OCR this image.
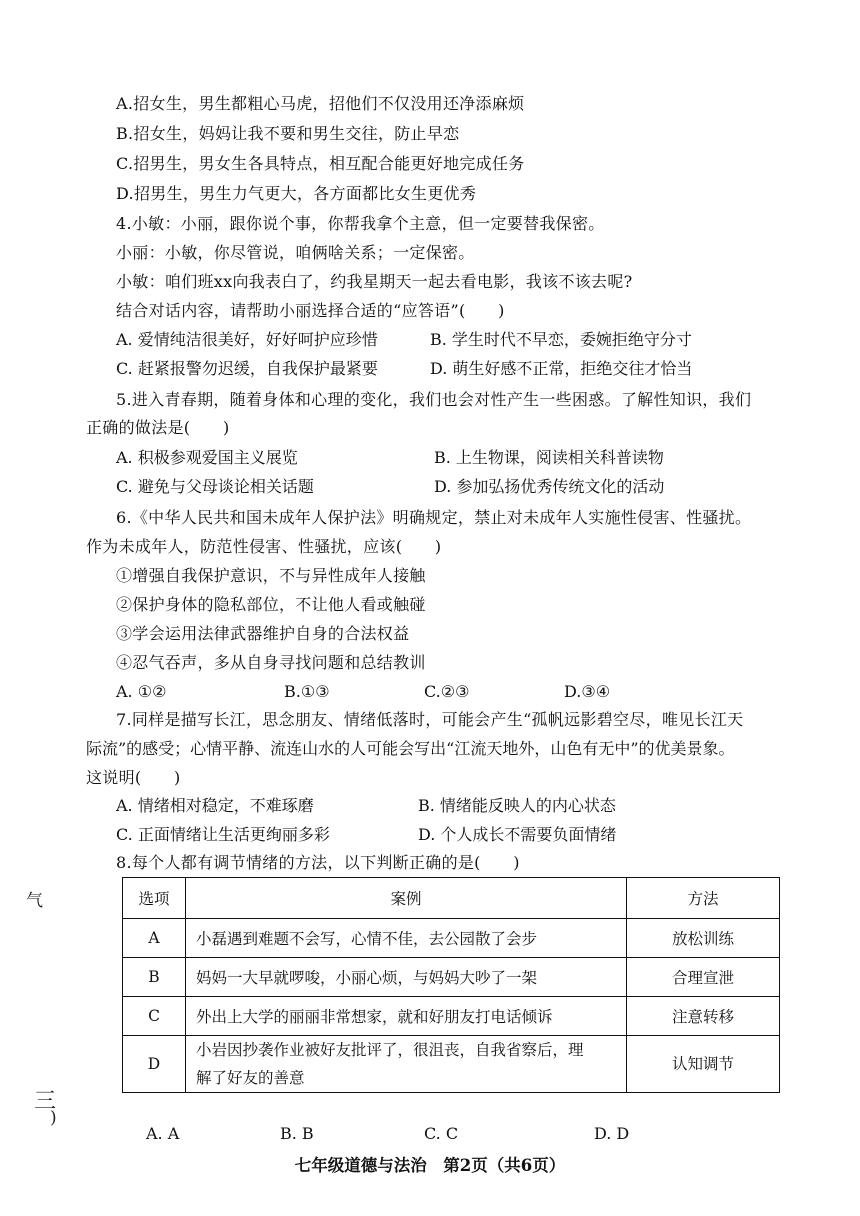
A.招女生，男生都粗心马虎，招他们不仅没用还净添麻烦
B.招女生，妈妈让我不要和男生交往，防止早恋
C.招男生，男女生各具特点，相互配合能更好地完成任务
D.招男生，男生力气更大，各方面都比女生更优秀
4.小敏：小丽，跟你说个事，你帮我拿个主意，但一定要替我保密。
小丽：小敏，你尽管说，咱俩啥关系；一定保密。
小敏：咱们班xx向我表白了，约我星期天一起去看电影，我该不该去呢?
结合对话内容，请帮助小丽选择合适的“应答语”(　　)
A. 爱情纯洁很美好，好好呵护应珍惜	B. 学生时代不早恋，委婉拒绝守分寸
C. 赶紧报警勿迟缓，自我保护最紧要	D. 萌生好感不正常，拒绝交往才恰当
5.进入青春期，随着身体和心理的变化，我们也会对性产生一些困惑。了解性知识，我们
正确的做法是(　　)
A. 积极参观爱国主义展览	B. 上生物课，阅读相关科普读物
C. 避免与父母谈论相关话题	D. 参加弘扬优秀传统文化的活动
6.《中华人民共和国未成年人保护法》明确规定，禁止对未成年人实施性侵害、性骚扰。
作为未成年人，防范性侵害、性骚扰，应该(　　)
①增强自我保护意识，不与异性成年人接触
②保护身体的隐私部位，不让他人看或触碰
③学会运用法律武器维护自身的合法权益
④忍气吞声，多从自身寻找问题和总结教训
A. ①②	B.①③	C.②③	D.③④
7.同样是描写长江，思念朋友、情绪低落时，可能会产生“孤帆远影碧空尽，唯见长江天
际流”的感受；心情平静、流连山水的人可能会写出“江流天地外，山色有无中”的优美景象。
这说明(　　)
A. 情绪相对稳定，不难琢磨	B. 情绪能反映人的内心状态
C. 正面情绪让生活更绚丽多彩	D. 个人成长不需要负面情绪
8.每个人都有调节情绪的方法，以下判断正确的是(　　)
选项	案例	方法
A	小磊遇到难题不会写，心情不佳，去公园散了会步	放松训练
B	妈妈一大早就啰唆，小丽心烦，与妈妈大吵了一架	合理宣泄
C	外出上大学的丽丽非常想家，就和好朋友打电话倾诉	注意转移
D	小岩因抄袭作业被好友批评了，很沮丧，自我省察后，理
解了好友的善意	认知调节
A. A	B. B	C. C	D. D
气
三
)
七年级道德与法治　第2页（共6页）
